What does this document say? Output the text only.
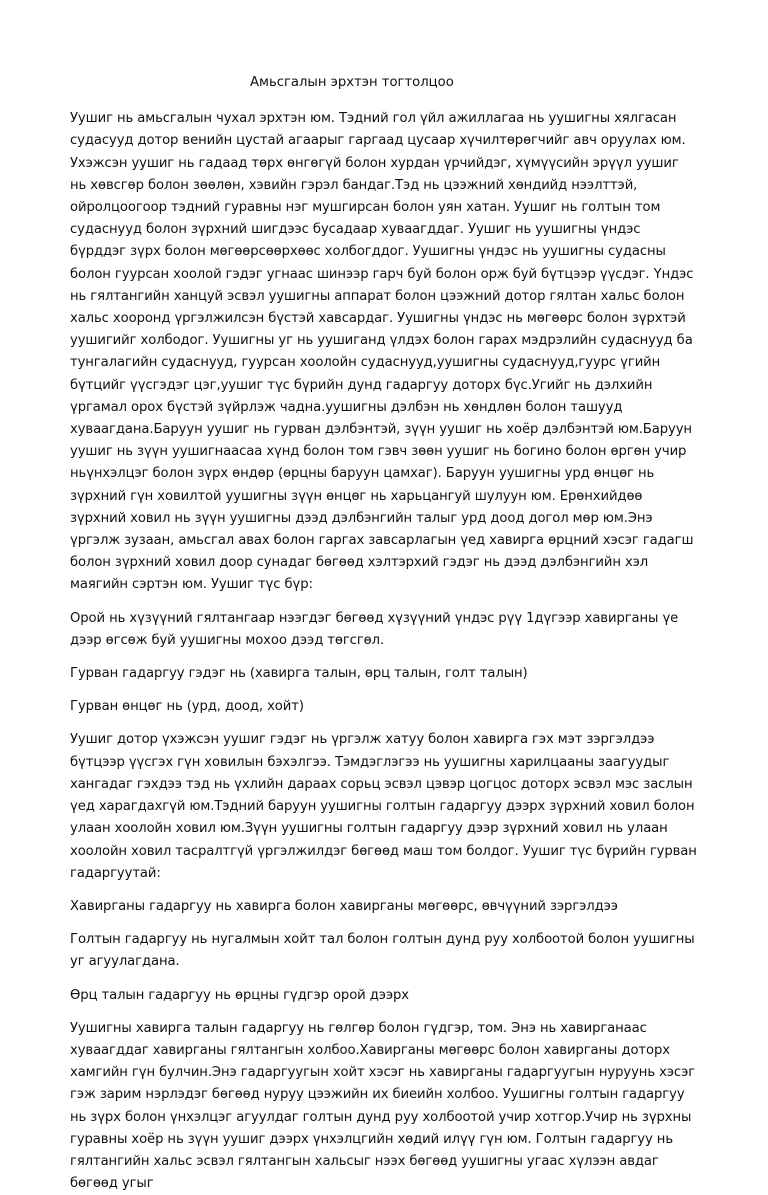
Амьсгалын эрхтэн тогтолцоо

Уушиг нь амьсгалын чухал эрхтэн юм. Тэдний гол үйл ажиллагаа нь уушигны хялгасан судасууд дотор венийн цустай агаарыг гаргаад цусаар хүчилтөрөгчийг авч оруулах юм. Ухэжсэн уушиг нь гадаад төрх өнгөгүй болон хурдан үрчийдэг, хүмүүсийн эрүүл уушиг нь хөвсгөр болон зөөлөн, хэвийн гэрэл бандаг.Тэд нь цээжний хөндийд нээлттэй, ойролцоогоор тэдний гуравны нэг мушгирсан болон уян хатан. Уушиг нь голтын том судаснууд болон зүрхний шигдээс бусадаар хуваагддаг. Уушиг нь уушигны үндэс бүрддэг зүрх болон мөгөөрсөөрхөөс холбогддог. Уушигны үндэс нь уушигны судасны болон гуурсан хоолой гэдэг угнаас шинээр гарч буй болон орж буй бүтцээр үүсдэг. Үндэс нь гялтангийн ханцуй эсвэл уушигны аппарат болон цээжний дотор гялтан хальс болон хальс хооронд үргэлжилсэн бүстэй хавсардаг. Уушигны үндэс нь мөгөөрс болон зүрхтэй уушигийг холбодог. Уушигны уг нь уушиганд үлдэх болон гарах мэдрэлийн судаснууд ба тунгалагийн судаснууд, гуурсан хоолойн судаснууд,уушигны судаснууд,гуурс үгийн бүтцийг үүсгэдэг цэг,уушиг түс бүрийн дунд гадаргуу доторх бүс.Угийг нь дэлхийн үргамал орох бүстэй зүйрлэж чадна.уушигны дэлбэн нь хөндлөн болон ташууд хуваагдана.Баруун уушиг нь гурван дэлбэнтэй, зүүн уушиг нь хоёр дэлбэнтэй юм.Баруун уушиг нь зүүн уушигнаасаа хүнд болон том гэвч зөөн уушиг нь богино болон өргөн учир ньүнхэлцэг болон зүрх өндөр (өрцны баруун цамхаг). Баруун уушигны урд өнцөг нь зүрхний гүн ховилтой уушигны зүүн өнцөг нь харьцангуй шулуун юм. Ерөнхийдөө зүрхний ховил нь зүүн уушигны дээд дэлбэнгийн талыг урд доод догол мөр юм.Энэ үргэлж зузаан, амьсгал авах болон гаргах завсарлагын үед хавирга өрцний хэсэг гадагш болон зүрхний ховил доор сунадаг бөгөөд хэлтэрхий гэдэг нь дээд дэлбэнгийн хэл маягийн сэртэн юм. Уушиг түс бүр:

Орой нь хүзүүний гялтангаар нээгдэг бөгөөд хүзүүний үндэс рүү 1дүгээр хавирганы үе дээр өгсөж буй уушигны мохоо дээд төгсгөл.

Гурван гадаргуу гэдэг нь (хавирга талын, өрц талын, голт талын)

Гурван өнцөг нь (урд, доод, хойт)

Уушиг дотор үхэжсэн уушиг гэдэг нь үргэлж хатуу болон хавирга гэх мэт зэргэлдээ бүтцээр үүсгэх гүн ховилын бэхэлгээ. Тэмдэглэгээ нь уушигны харилцааны заагуудыг хангадаг гэхдээ тэд нь үхлийн дараах сорьц эсвэл цэвэр цогцос доторх эсвэл мэс заслын үед харагдахгүй юм.Тэдний баруун уушигны голтын гадаргуу дээрх зүрхний ховил болон улаан хоолойн ховил юм.Зүүн уушигны голтын гадаргуу дээр зүрхний ховил нь улаан хоолойн ховил тасралтгүй үргэлжилдэг бөгөөд маш том болдог. Уушиг түс бүрийн гурван гадаргуутай:

Хавирганы гадаргуу нь хавирга болон хавирганы мөгөөрс, өвчүүний зэргэлдээ

Голтын гадаргуу нь нугалмын хойт тал болон голтын дунд руу холбоотой болон уушигны уг агуулагдана.

Өрц талын гадаргуу нь өрцны гүдгэр орой дээрх

Уушигны хавирга талын гадаргуу нь гөлгөр болон гүдгэр, том. Энэ нь хавирганаас хуваагддаг хавирганы гялтангын холбоо.Хавирганы мөгөөрс болон хавирганы доторх хамгийн гүн булчин.Энэ гадаргуугын хойт хэсэг нь хавирганы гадаргуугын нуруунь хэсэг гэж зарим нэрлэдэг бөгөөд нуруу цээжийн их биеийн холбоо. Уушигны голтын гадаргуу нь зүрх болон үнхэлцэг агуулдаг голтын дунд руу холбоотой учир хотгор.Учир нь зүрхны гуравны хоёр нь зүүн уушиг дээрх үнхэлцгийн хөдий илүү гүн юм. Голтын гадаргуу нь гялтангийн хальс эсвэл гялтангын хальсыг нээх бөгөөд уушигны угаас хүлээн авдаг бөгөөд угыг
